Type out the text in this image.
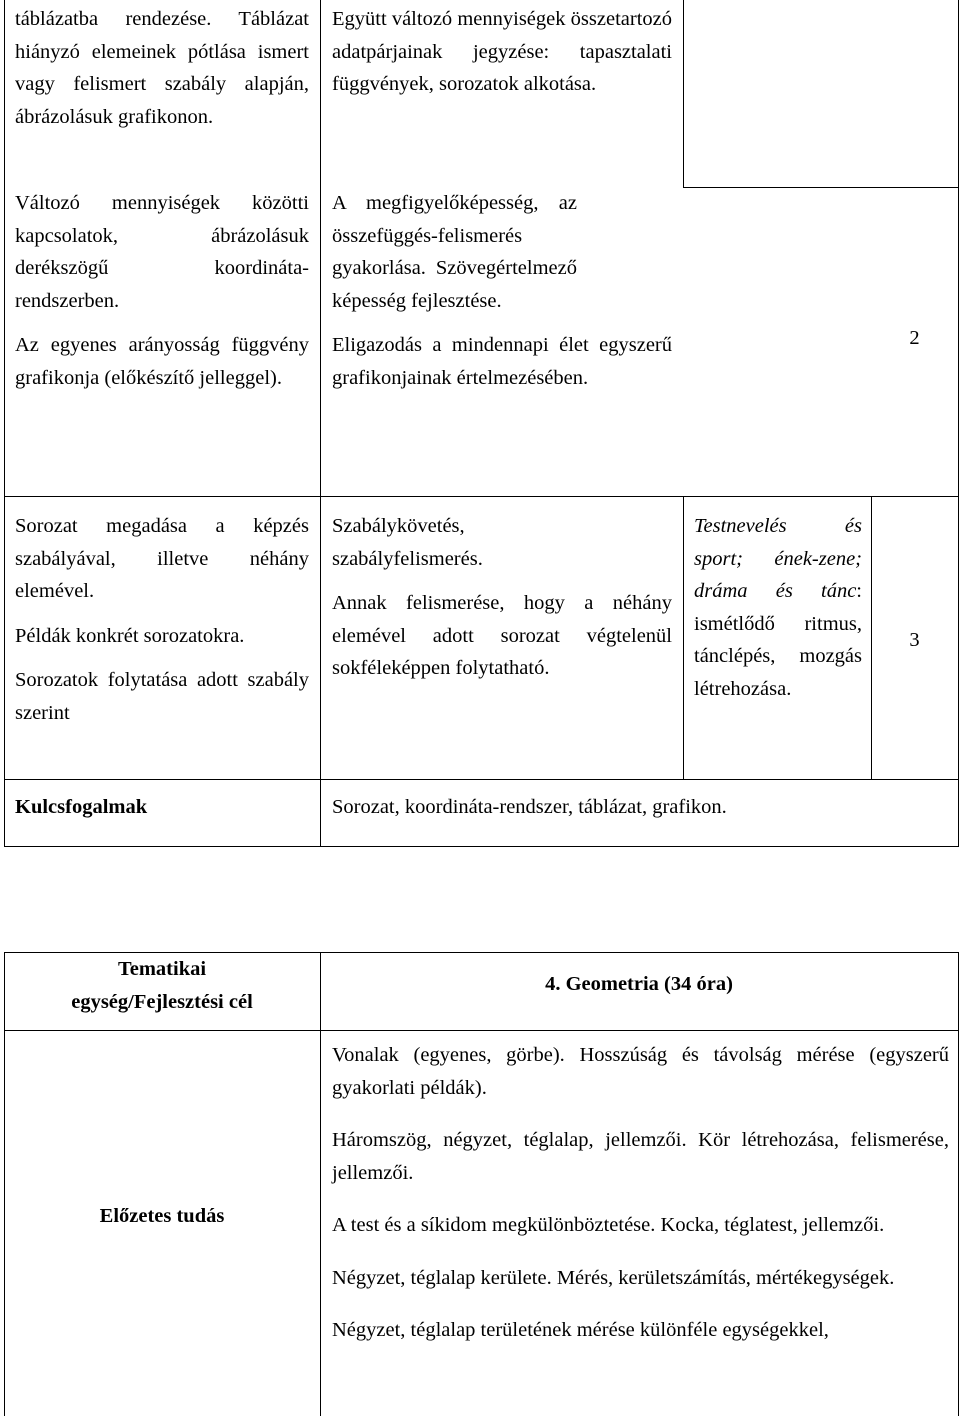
táblázatba rendezése. Táblázat hiányzó elemeinek pótlása ismert vagy felismert szabály alapján, ábrázolásuk grafikonon.

Együtt változó mennyiségek összetartozó adatpárjainak jegyzése: tapasztalati függvények, sorozatok alkotása.

Változó mennyiségek közötti kapcsolatok, ábrázolásuk derékszögű koordináta-rendszerben.

Az egyenes arányosság függvény grafikonja (előkészítő jelleggel).

A megfigyelőképesség, az összefüggés-felismerés gyakorlása. Szövegértelmező képesség fejlesztése.

Eligazodás a mindennapi élet egyszerű grafikonjainak értelmezésében.

2

Sorozat megadása a képzés szabályával, illetve néhány elemével.

Példák konkrét sorozatokra.

Sorozatok folytatása adott szabály szerint

Szabálykövetés, szabályfelismerés.

Annak felismerése, hogy a néhány elemével adott sorozat végtelenül sokféleképpen folytatható.

Testnevelés és sport; ének-zene; dráma és tánc: ismétlődő ritmus, tánclépés, mozgás létrehozása.

3

Kulcsfogalmak	Sorozat, koordináta-rendszer, táblázat, grafikon.

Tematikai egység/Fejlesztési cél

4. Geometria (34 óra)

Előzetes tudás

Vonalak (egyenes, görbe). Hosszúság és távolság mérése (egyszerű gyakorlati példák).

Háromszög, négyzet, téglalap, jellemzői. Kör létrehozása, felismerése, jellemzői.

A test és a síkidom megkülönböztetése. Kocka, téglatest, jellemzői.

Négyzet, téglalap kerülete. Mérés, kerületszámítás, mértékegységek.

Négyzet, téglalap területének mérése különféle egységekkel,
